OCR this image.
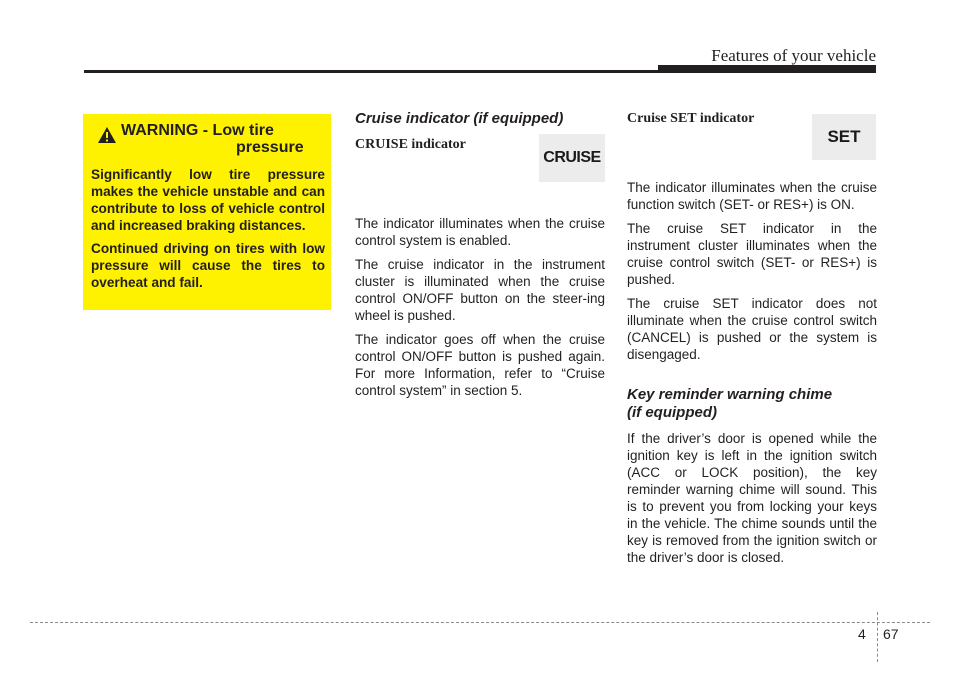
Features of your vehicle
WARNING - Low tire
pressure

Significantly low tire pressure makes the vehicle unstable and can contribute to loss of vehicle control and increased braking distances.

Continued driving on tires with low pressure will cause the tires to overheat and fail.

Cruise indicator (if equipped)

CRUISE indicator

The indicator illuminates when the cruise control system is enabled.

The cruise indicator in the instrument cluster is illuminated when the cruise control ON/OFF button on the steer-ing wheel is pushed.

The indicator goes off when the cruise control ON/OFF button is pushed again. For more Information, refer to “Cruise control system” in section 5.

CRUISE

Cruise SET indicator

The indicator illuminates when the cruise function switch (SET- or RES+) is ON.

The cruise SET indicator in the instrument cluster illuminates when the cruise control switch (SET- or RES+) is pushed.

The cruise SET indicator does not illuminate when the cruise control switch (CANCEL) is pushed or the system is disengaged.

Key reminder warning chime
(if equipped)

If the driver’s door is opened while the ignition key is left in the ignition switch (ACC or LOCK position), the key reminder warning chime will sound. This is to prevent you from locking your keys in the vehicle. The chime sounds until the key is removed from the ignition switch or the driver’s door is closed.

SET
4 67
